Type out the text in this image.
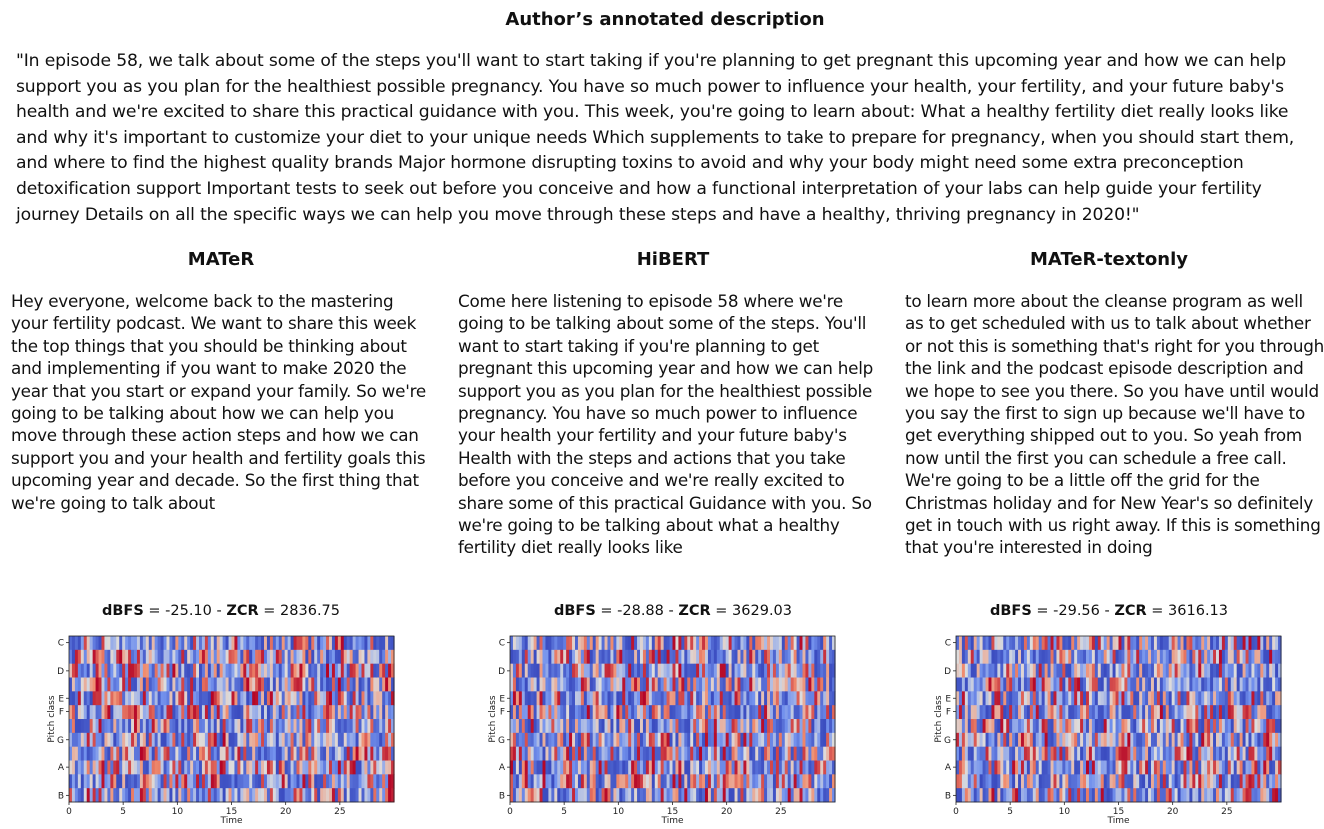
Author’s annotated description
"In episode 58, we talk about some of the steps you'll want to start taking if you're planning to get pregnant this upcoming year and how we can help support you as you plan for the healthiest possible pregnancy. You have so much power to influence your health, your fertility, and your future baby's health and we're excited to share this practical guidance with you. This week, you're going to learn about: What a healthy fertility diet really looks like and why it's important to customize your diet to your unique needs Which supplements to take to prepare for pregnancy, when you should start them, and where to find the highest quality brands Major hormone disrupting toxins to avoid and why your body might need some extra preconception detoxification support Important tests to seek out before you conceive and how a functional interpretation of your labs can help guide your fertility journey Details on all the specific ways we can help you move through these steps and have a healthy, thriving pregnancy in 2020!"
MATeR
Hey everyone, welcome back to the mastering your fertility podcast. We want to share this week the top things that you should be thinking about and implementing if you want to make 2020 the year that you start or expand your family. So we're going to be talking about how we can help you move through these action steps and how we can support you and your health and fertility goals this upcoming year and decade. So the first thing that we're going to talk about
dBFS = -25.10 - ZCR = 2836.75
C
D
E
F
G
A
B
0	5	10	15	20	25
Time
Pitch class
HiBERT
Come here listening to episode 58 where we're going to be talking about some of the steps. You'll want to start taking if you're planning to get pregnant this upcoming year and how we can help support you as you plan for the healthiest possible pregnancy. You have so much power to influence your health your fertility and your future baby's Health with the steps and actions that you take before you conceive and we're really excited to share some of this practical Guidance with you. So we're going to be talking about what a healthy fertility diet really looks like
dBFS = -28.88 - ZCR = 3629.03
C
D
E
F
G
A
B
0	5	10	15	20	25
Time
Pitch class
MATeR-textonly
to learn more about the cleanse program as well as to get scheduled with us to talk about whether or not this is something that's right for you through the link and the podcast episode description and we hope to see you there. So you have until would you say the first to sign up because we'll have to get everything shipped out to you. So yeah from now until the first you can schedule a free call. We're going to be a little off the grid for the Christmas holiday and for New Year's so definitely get in touch with us right away. If this is something that you're interested in doing
dBFS = -29.56 - ZCR = 3616.13
C
D
E
F
G
A
B
0	5	10	15	20	25
Time
Pitch class
